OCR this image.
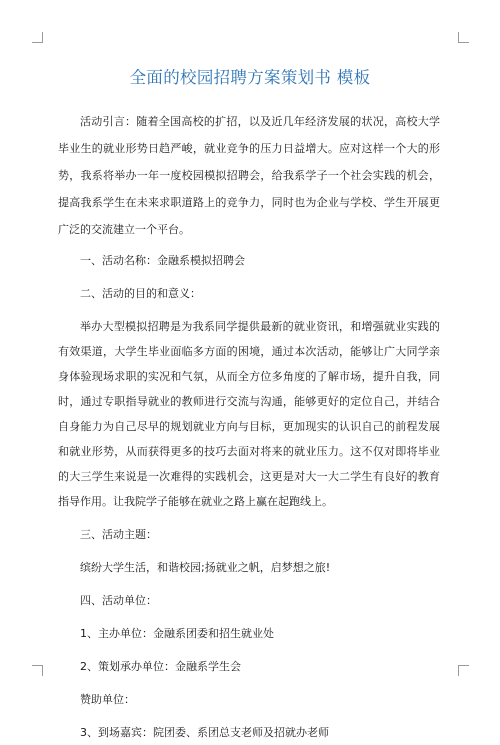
全面的校园招聘方案策划书 模板

活动引言：随着全国高校的扩招，以及近几年经济发展的状况，高校大学毕业生的就业形势日趋严峻，就业竞争的压力日益增大。应对这样一个大的形势，我系将举办一年一度校园模拟招聘会，给我系学子一个社会实践的机会，提高我系学生在未来求职道路上的竞争力，同时也为企业与学校、学生开展更广泛的交流建立一个平台。

一、活动名称：金融系模拟招聘会

二、活动的目的和意义：

举办大型模拟招聘是为我系同学提供最新的就业资讯，和增强就业实践的有效渠道，大学生毕业面临多方面的困境，通过本次活动，能够让广大同学亲身体验现场求职的实况和气氛，从而全方位多角度的了解市场，提升自我，同时，通过专职指导就业的教师进行交流与沟通，能够更好的定位自己，并结合自身能力为自己尽早的规划就业方向与目标，更加现实的认识自己的前程发展和就业形势，从而获得更多的技巧去面对将来的就业压力。这不仅对即将毕业的大三学生来说是一次难得的实践机会，这更是对大一大二学生有良好的教育指导作用。让我院学子能够在就业之路上赢在起跑线上。

三、活动主题：

缤纷大学生活，和谐校园;扬就业之帆，启梦想之旅!

四、活动单位：

1、主办单位：金融系团委和招生就业处

2、策划承办单位：金融系学生会

赞助单位：

3、到场嘉宾：院团委、系团总支老师及招就办老师
